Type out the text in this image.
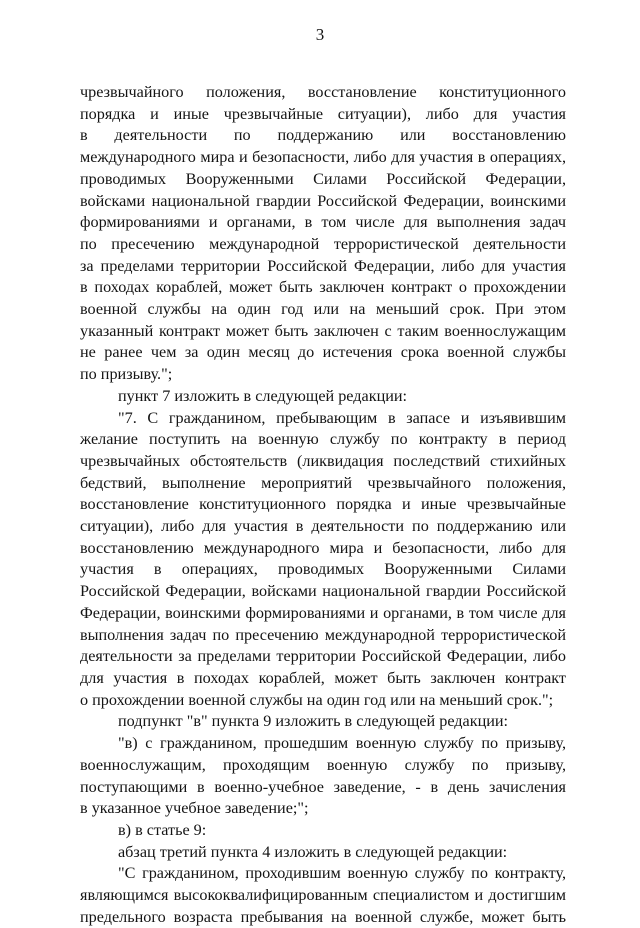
3

чрезвычайного положения, восстановление конституционного
порядка и иные чрезвычайные ситуации), либо для участия
в деятельности по поддержанию или восстановлению
международного мира и безопасности, либо для участия в операциях,
проводимых Вооруженными Силами Российской Федерации,
войсками национальной гвардии Российской Федерации, воинскими
формированиями и органами, в том числе для выполнения задач
по пресечению международной террористической деятельности
за пределами территории Российской Федерации, либо для участия
в походах кораблей, может быть заключен контракт о прохождении
военной службы на один год или на меньший срок. При этом
указанный контракт может быть заключен с таким военнослужащим
не ранее чем за один месяц до истечения срока военной службы
по призыву.";

пункт 7 изложить в следующей редакции:

"7. С гражданином, пребывающим в запасе и изъявившим
желание поступить на военную службу по контракту в период
чрезвычайных обстоятельств (ликвидация последствий стихийных
бедствий, выполнение мероприятий чрезвычайного положения,
восстановление конституционного порядка и иные чрезвычайные
ситуации), либо для участия в деятельности по поддержанию или
восстановлению международного мира и безопасности, либо для
участия в операциях, проводимых Вооруженными Силами
Российской Федерации, войсками национальной гвардии Российской
Федерации, воинскими формированиями и органами, в том числе для
выполнения задач по пресечению международной террористической
деятельности за пределами территории Российской Федерации, либо
для участия в походах кораблей, может быть заключен контракт
о прохождении военной службы на один год или на меньший срок.";

подпункт "в" пункта 9 изложить в следующей редакции:

"в) с гражданином, прошедшим военную службу по призыву,
военнослужащим, проходящим военную службу по призыву,
поступающими в военно-учебное заведение, - в день зачисления
в указанное учебное заведение;";

в) в статье 9:

абзац третий пункта 4 изложить в следующей редакции:

"С гражданином, проходившим военную службу по контракту,
являющимся высококвалифицированным специалистом и достигшим
предельного возраста пребывания на военной службе, может быть
